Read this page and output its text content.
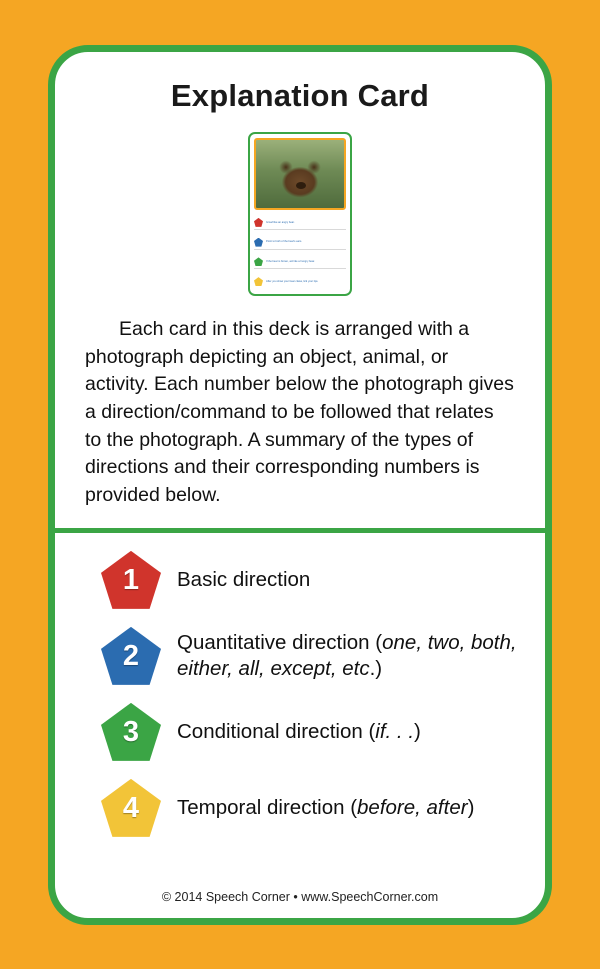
Explanation Card
Growl like an angry bear.
Point to both of the bear's ears.
If the bear is brown, act like a hungry bear.
After you show your bear claws, lick your lips.
Each card in this deck is arranged with a photograph depicting an object, animal, or activity. Each number below the photograph gives a direction/command to be followed that relates to the photograph. A summary of the types of directions and their corresponding numbers is provided below.
1 Basic direction
2 Quantitative direction (one, two, both, either, all, except, etc.)
3 Conditional direction (if. . .)
4 Temporal direction (before, after)
© 2014 Speech Corner • www.SpeechCorner.com
